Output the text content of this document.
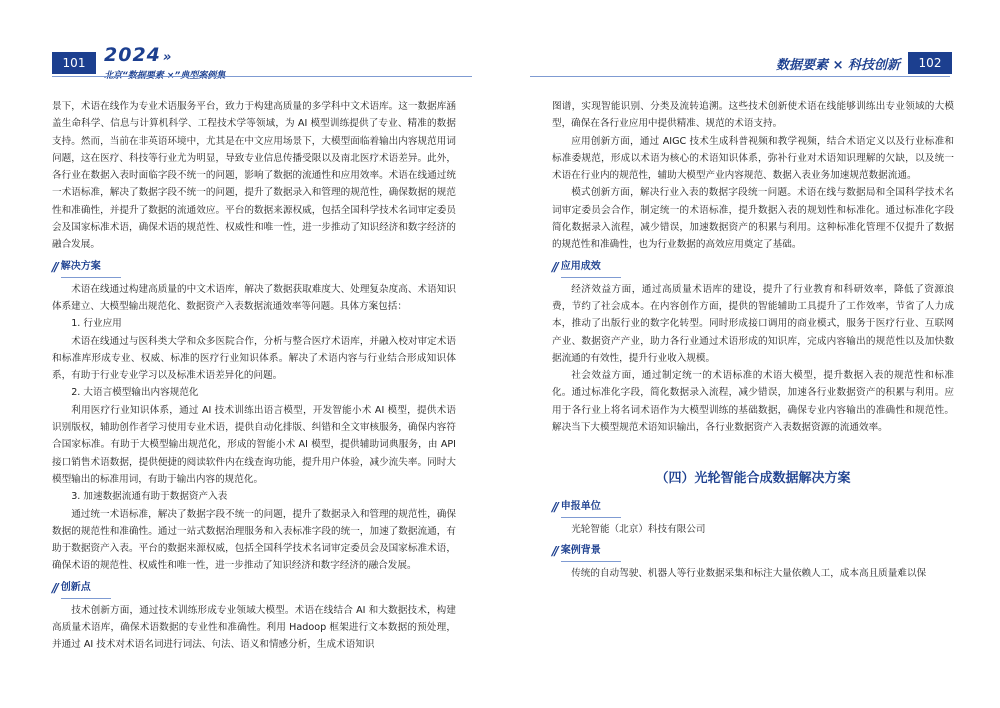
101 2024 »

景下，术语在线作为专业术语服务平台，致力于构建高质量的多学科中文术语库。这一数据库涵盖生命科学、信息与计算机科学、工程技术学等领域，为 AI 模型训练提供了专业、精准的数据支持。然而，当前在非英语环境中，尤其是在中文应用场景下，大模型面临着输出内容规范用词问题，这在医疗、科技等行业尤为明显，导致专业信息传播受限以及南北医疗术语差异。此外，各行业在数据入表时面临字段不统一的问题，影响了数据的流通性和应用效率。术语在线通过统一术语标准，解决了数据字段不统一的问题，提升了数据录入和管理的规范性，确保数据的规范性和准确性，并提升了数据的流通效应。平台的数据来源权威，包括全国科学技术名词审定委员会及国家标准术语，确保术语的规范性、权威性和唯一性，进一步推动了知识经济和数字经济的融合发展。

// 解决方案

术语在线通过构建高质量的中文术语库，解决了数据获取难度大、处理复杂度高、术语知识体系建立、大模型输出规范化、数据资产入表数据流通效率等问题。具体方案包括：

1. 行业应用

术语在线通过与医科类大学和众多医院合作，分析与整合医疗术语库，并融入校对审定术语和标准库形成专业、权威、标准的医疗行业知识体系。解决了术语内容与行业结合形成知识体系，有助于行业专业学习以及标准术语差异化的问题。

2. 大语言模型输出内容规范化

利用医疗行业知识体系，通过 AI 技术训练出语言模型，开发智能小术 AI 模型，提供术语识别版权，辅助创作者学习使用专业术语，提供自动化排版、纠错和全文审核服务，确保内容符合国家标准。有助于大模型输出规范化，形成的智能小术 AI 模型，提供辅助词典服务，由 API 接口销售术语数据，提供便捷的阅读软件内在线查询功能，提升用户体验，减少流失率。同时大模型输出的标准用词，有助于输出内容的规范化。

3. 加速数据流通有助于数据资产入表

通过统一术语标准，解决了数据字段不统一的问题，提升了数据录入和管理的规范性，确保数据的规范性和准确性。通过一站式数据治理服务和入表标准字段的统一，加速了数据流通，有助于数据资产入表。平台的数据来源权威，包括全国科学技术名词审定委员会及国家标准术语，确保术语的规范性、权威性和唯一性，进一步推动了知识经济和数字经济的融合发展。

// 创新点

技术创新方面，通过技术训练形成专业领域大模型。术语在线结合 AI 和大数据技术，构建高质量术语库，确保术语数据的专业性和准确性。利用 Hadoop 框架进行文本数据的预处理，并通过 AI 技术对术语名词进行词法、句法、语义和情感分析，生成术语知识

数据要素 × 科技创新	102

图谱，实现智能识别、分类及流转追溯。这些技术创新使术语在线能够训练出专业领域的大模型，确保在各行业应用中提供精准、规范的术语支持。

应用创新方面，通过 AIGC 技术生成科普视频和教学视频，结合术语定义以及行业标准和标准委规范，形成以术语为核心的术语知识体系，弥补行业对术语知识理解的欠缺，以及统一术语在行业内的规范性，辅助大模型产业内容规范、数据入表业务加速规范数据流通。

模式创新方面，解决行业入表的数据字段统一问题。术语在线与数据局和全国科学技术名词审定委员会合作，制定统一的术语标准，提升数据入表的规划性和标准化。通过标准化字段简化数据录入流程，减少错误，加速数据资产的积累与利用。这种标准化管理不仅提升了数据的规范性和准确性，也为行业数据的高效应用奠定了基础。

// 应用成效

经济效益方面，通过高质量术语库的建设，提升了行业教育和科研效率，降低了资源浪费，节约了社会成本。在内容创作方面，提供的智能辅助工具提升了工作效率，节省了人力成本，推动了出版行业的数字化转型。同时形成接口调用的商业模式，服务于医疗行业、互联网产业、数据资产产业，助力各行业通过术语形成的知识库，完成内容输出的规范性以及加快数据流通的有效性，提升行业收入规模。

社会效益方面，通过制定统一的术语标准的术语大模型，提升数据入表的规范性和标准化。通过标准化字段，简化数据录入流程，减少错误，加速各行业数据资产的积累与利用。应用于各行业上将名词术语作为大模型训练的基础数据，确保专业内容输出的准确性和规范性。解决当下大模型规范术语知识输出，各行业数据资产入表数据资源的流通效率。

（四）光轮智能合成数据解决方案
// 申报单位
光轮智能（北京）科技有限公司
// 案例背景

传统的自动驾驶、机器人等行业数据采集和标注大量依赖人工，成本高且质量难以保
